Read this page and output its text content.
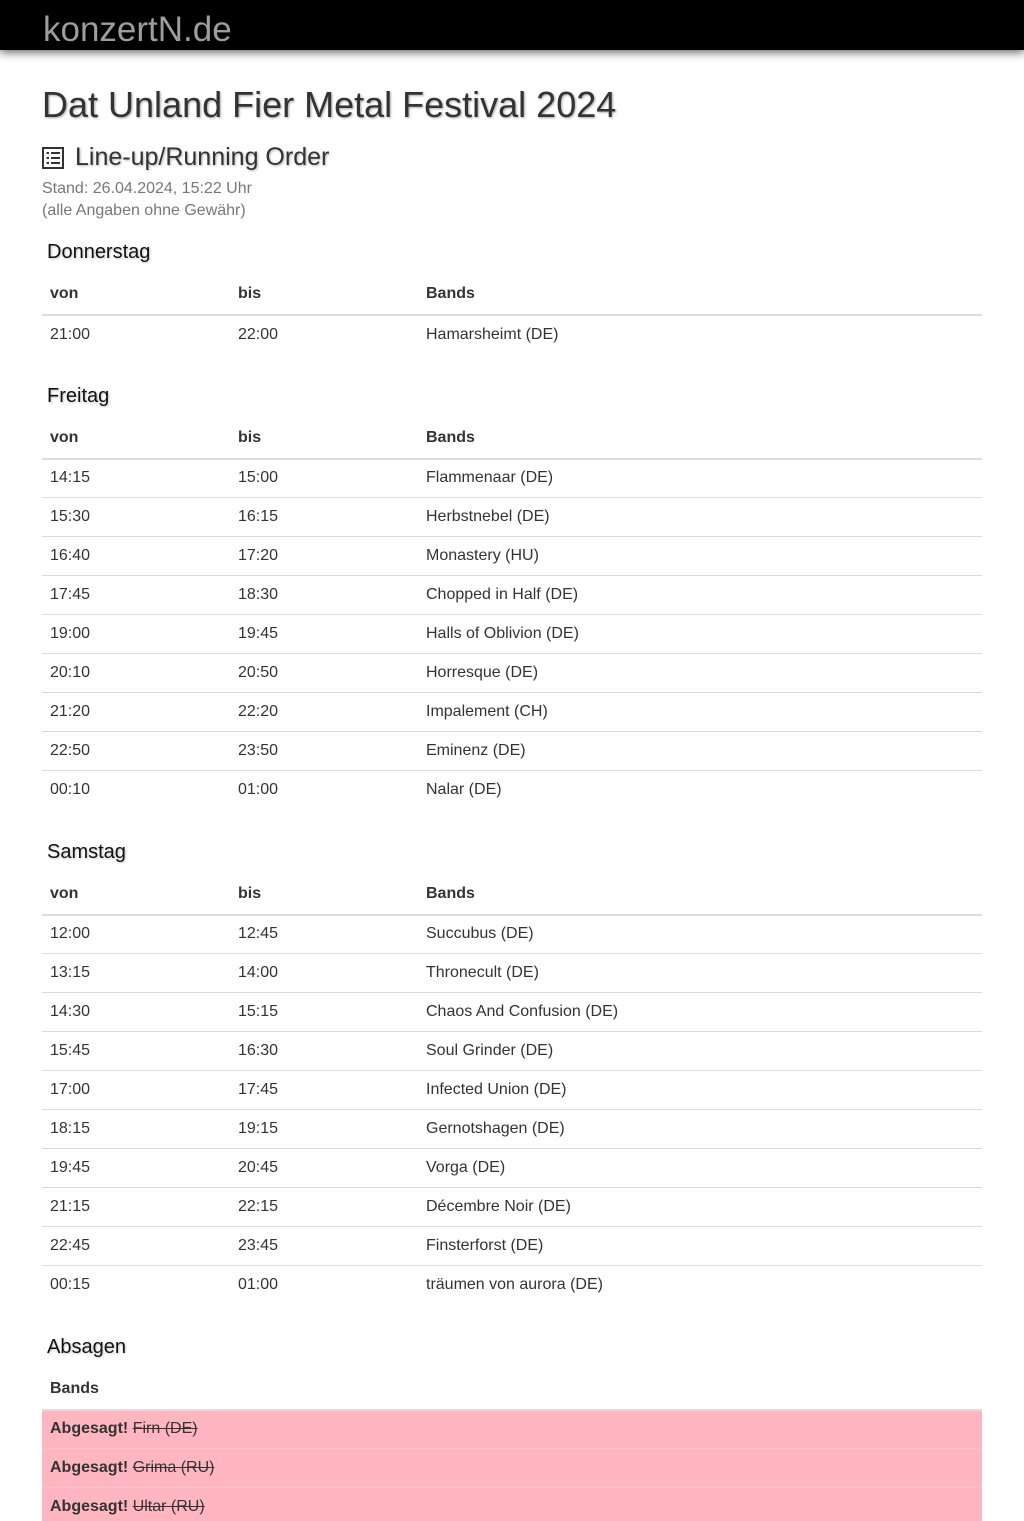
konzertN.de
Dat Unland Fier Metal Festival 2024
Line-up/Running Order
Stand: 26.04.2024, 15:22 Uhr
(alle Angaben ohne Gewähr)
Donnerstag
von	bis	Bands
21:00	22:00	Hamarsheimt (DE)
Freitag
von	bis	Bands
14:15	15:00	Flammenaar (DE)
15:30	16:15	Herbstnebel (DE)
16:40	17:20	Monastery (HU)
17:45	18:30	Chopped in Half (DE)
19:00	19:45	Halls of Oblivion (DE)
20:10	20:50	Horresque (DE)
21:20	22:20	Impalement (CH)
22:50	23:50	Eminenz (DE)
00:10	01:00	Nalar (DE)
Samstag
von	bis	Bands
12:00	12:45	Succubus (DE)
13:15	14:00	Thronecult (DE)
14:30	15:15	Chaos And Confusion (DE)
15:45	16:30	Soul Grinder (DE)
17:00	17:45	Infected Union (DE)
18:15	19:15	Gernotshagen (DE)
19:45	20:45	Vorga (DE)
21:15	22:15	Décembre Noir (DE)
22:45	23:45	Finsterforst (DE)
00:15	01:00	träumen von aurora (DE)
Absagen
Bands
Abgesagt! Firn (DE)
Abgesagt! Grima (RU)
Abgesagt! Ultar (RU)
